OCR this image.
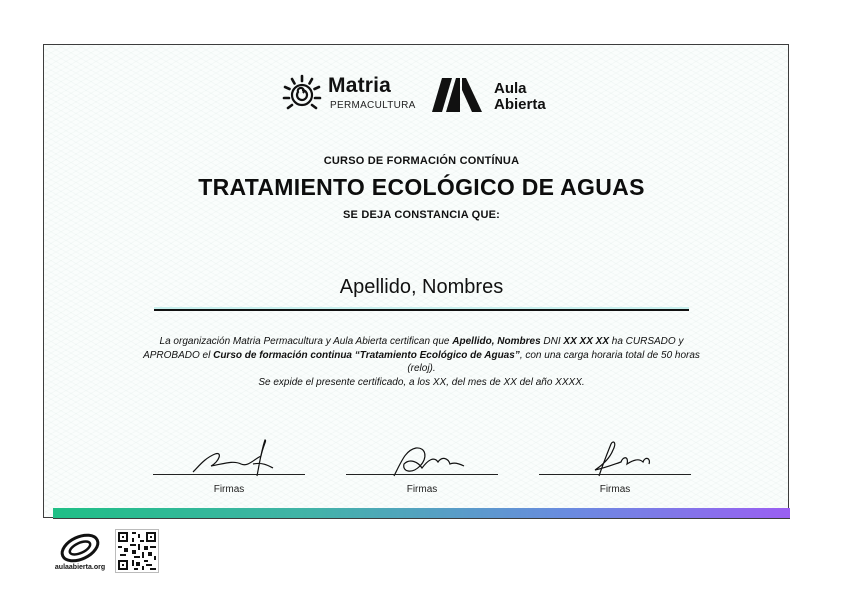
Matria
PERMACULTURA
Aula
Abierta
CURSO DE FORMACIÓN CONTÍNUA
TRATAMIENTO ECOLÓGICO DE AGUAS
SE DEJA CONSTANCIA QUE:
Apellido, Nombres
La organización Matria Permacultura y Aula Abierta certifican que Apellido, Nombres DNI XX XX XX ha CURSADO y APROBADO el Curso de formación continua “Tratamiento Ecológico de Aguas”, con una carga horaria total de 50 horas (reloj).
Se expide el presente certificado, a los XX, del mes de XX del año XXXX.
Firmas	Firmas	Firmas
aulaabierta.org
